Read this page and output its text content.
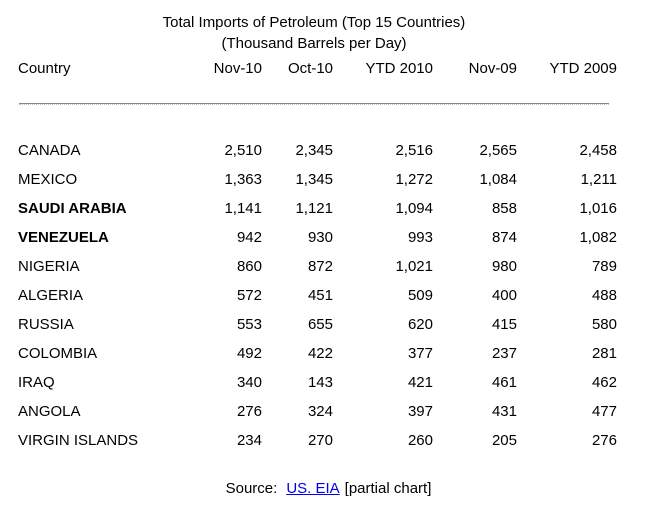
Total Imports of Petroleum (Top 15 Countries)
(Thousand Barrels per Day)
Country	Nov-10	Oct-10	YTD 2010	Nov-09	YTD 2009
CANADA	2,510	2,345	2,516	2,565	2,458
MEXICO	1,363	1,345	1,272	1,084	1,211
SAUDI ARABIA	1,141	1,121	1,094	858	1,016
VENEZUELA	942	930	993	874	1,082
NIGERIA	860	872	1,021	980	789
ALGERIA	572	451	509	400	488
RUSSIA	553	655	620	415	580
COLOMBIA	492	422	377	237	281
IRAQ	340	143	421	461	462
ANGOLA	276	324	397	431	477
VIRGIN ISLANDS	234	270	260	205	276
Source: US. EIA [partial chart]
